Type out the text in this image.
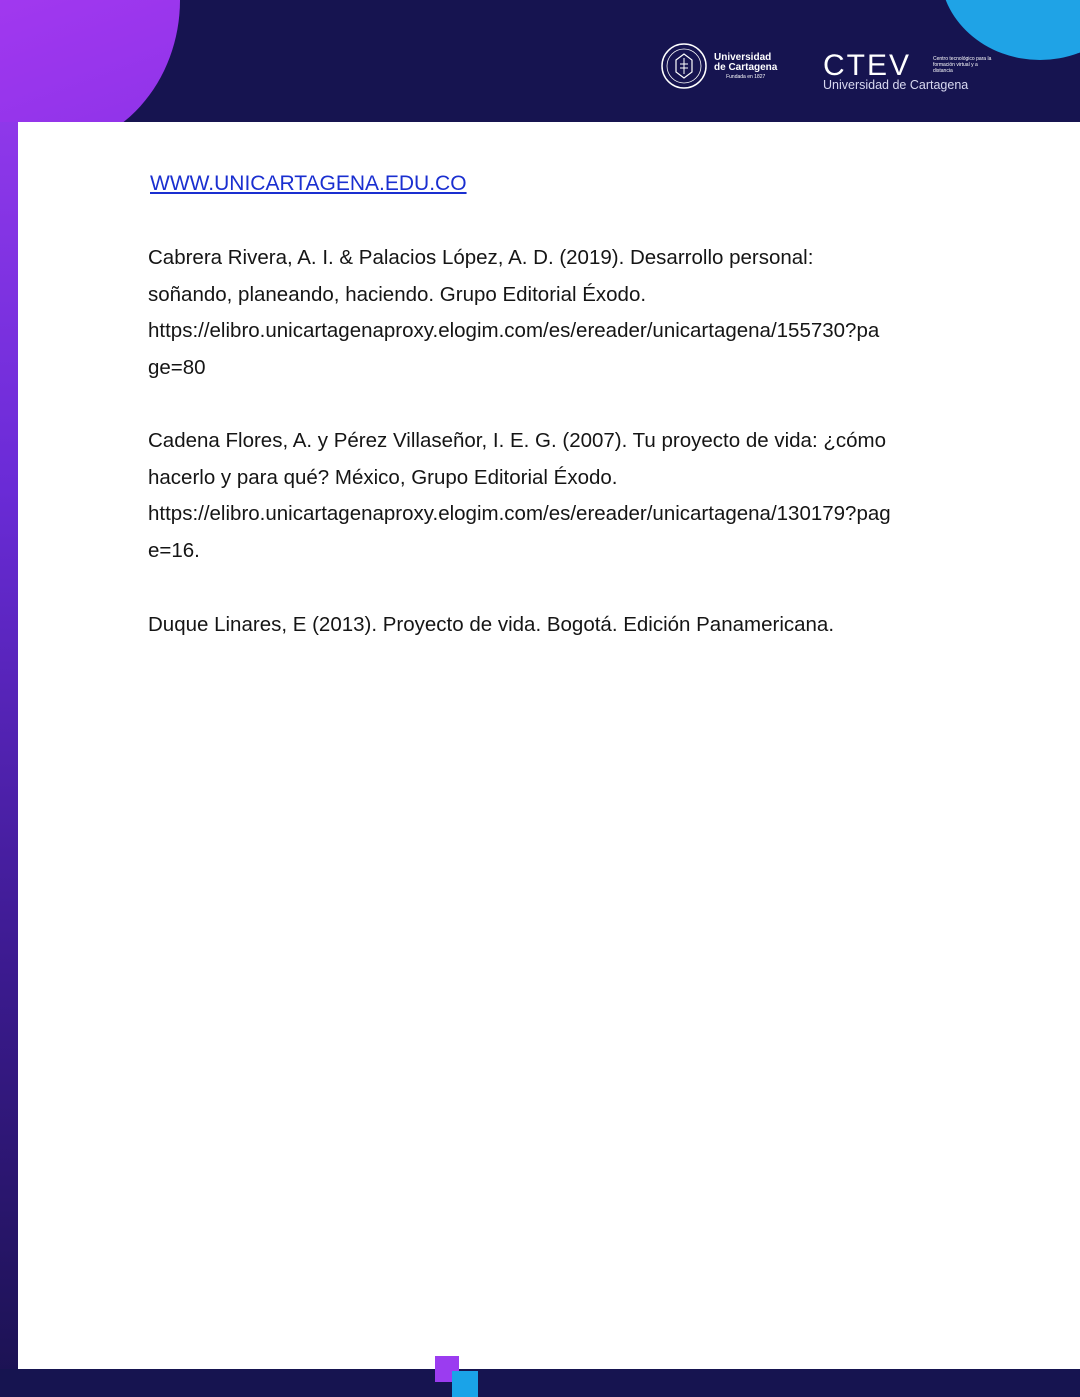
Universidad
de Cartagena
Fundada en 1827	CTEV	Centro tecnológico para la formación virtual y a distancia
Universidad de Cartagena
WWW.UNICARTAGENA.EDU.CO
Cabrera Rivera, A. I. & Palacios López, A. D. (2019). Desarrollo personal:
soñando, planeando, haciendo. Grupo Editorial Éxodo.
https://elibro.unicartagenaproxy.elogim.com/es/ereader/unicartagena/155730?pa
ge=80
Cadena Flores, A. y Pérez Villaseñor, I. E. G. (2007). Tu proyecto de vida: ¿cómo
hacerlo y para qué? México, Grupo Editorial Éxodo.
https://elibro.unicartagenaproxy.elogim.com/es/ereader/unicartagena/130179?pag
e=16.
Duque Linares, E (2013). Proyecto de vida. Bogotá. Edición Panamericana.
